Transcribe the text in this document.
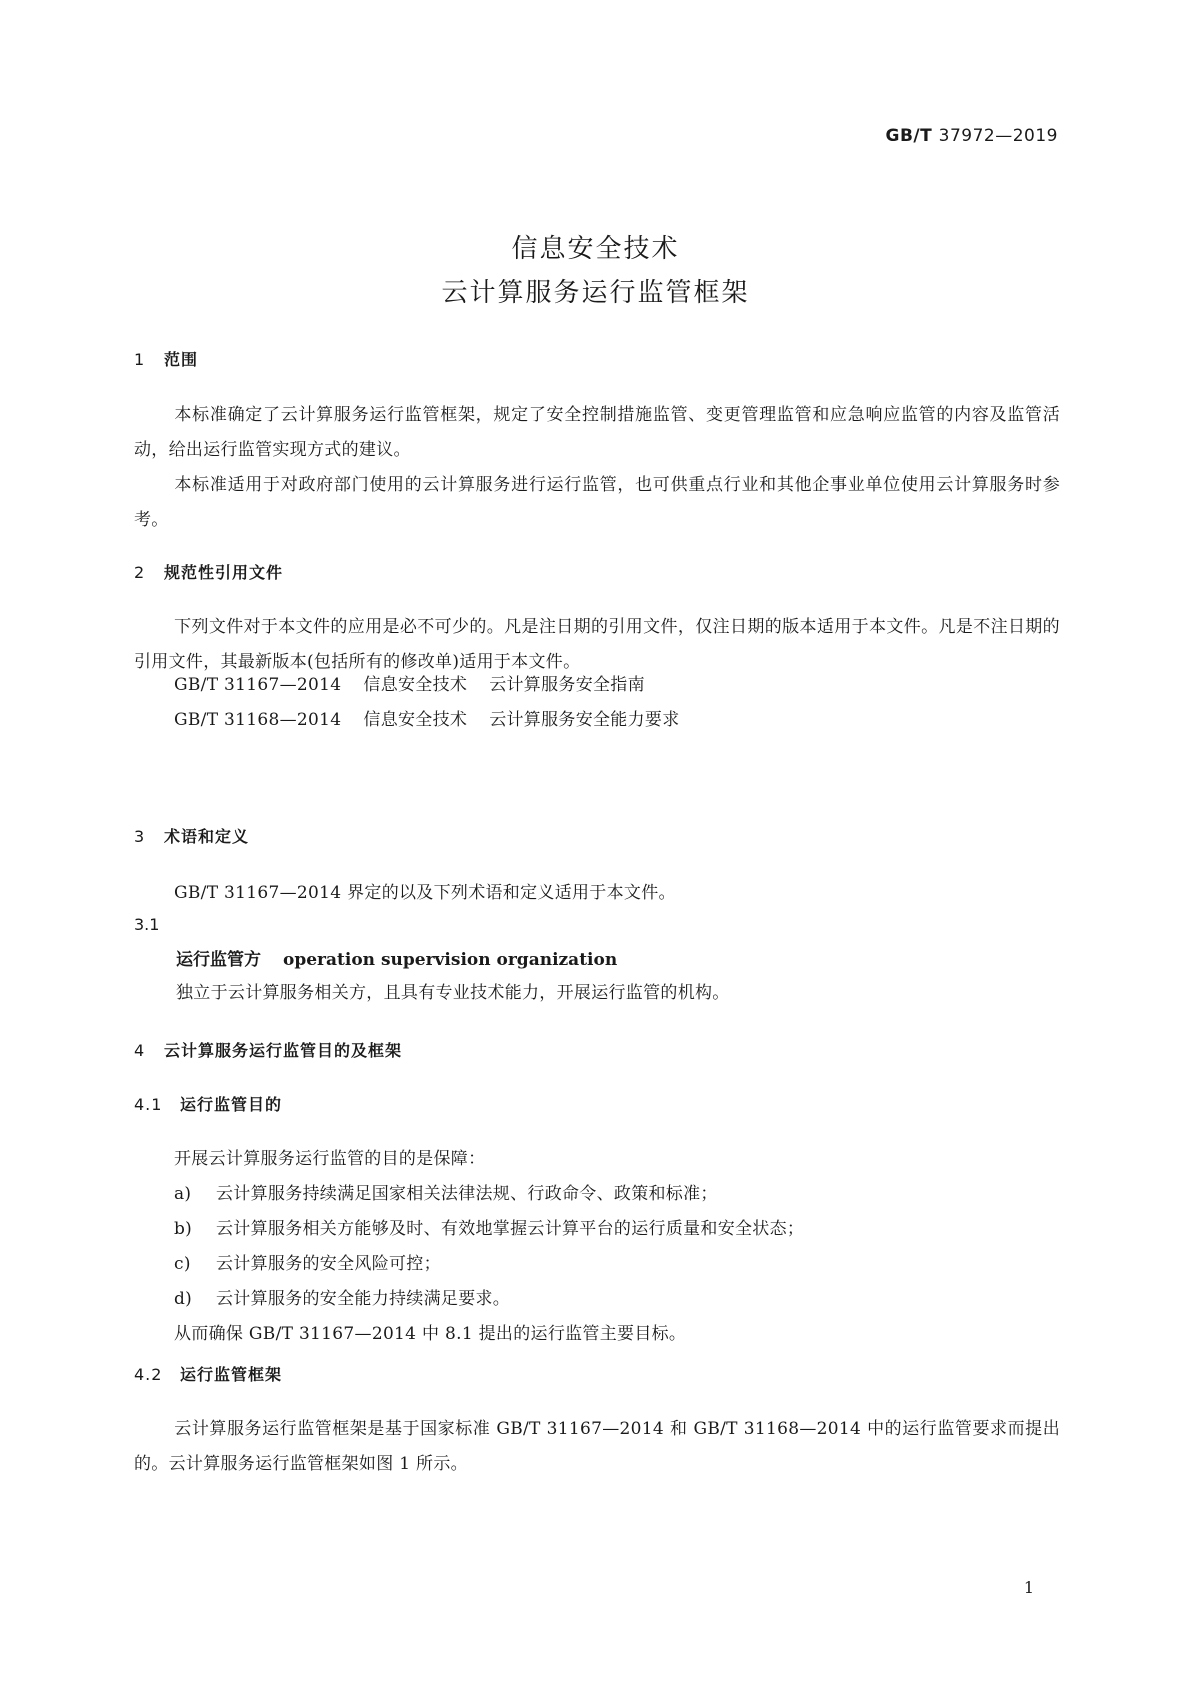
GB/T 37972—2019
信息安全技术
云计算服务运行监管框架
1 范围
本标准确定了云计算服务运行监管框架，规定了安全控制措施监管、变更管理监管和应急响应监管的内容及监管活动，给出运行监管实现方式的建议。
本标准适用于对政府部门使用的云计算服务进行运行监管，也可供重点行业和其他企事业单位使用云计算服务时参考。
2 规范性引用文件
下列文件对于本文件的应用是必不可少的。凡是注日期的引用文件，仅注日期的版本适用于本文件。凡是不注日期的引用文件，其最新版本(包括所有的修改单)适用于本文件。
GB/T 31167—2014 信息安全技术 云计算服务安全指南
GB/T 31168—2014 信息安全技术 云计算服务安全能力要求
3 术语和定义
GB/T 31167—2014 界定的以及下列术语和定义适用于本文件。
3.1
运行监管方 operation supervision organization
独立于云计算服务相关方，且具有专业技术能力，开展运行监管的机构。
4 云计算服务运行监管目的及框架
4.1 运行监管目的
开展云计算服务运行监管的目的是保障：
a) 云计算服务持续满足国家相关法律法规、行政命令、政策和标准；
b) 云计算服务相关方能够及时、有效地掌握云计算平台的运行质量和安全状态；
c) 云计算服务的安全风险可控；
d) 云计算服务的安全能力持续满足要求。
从而确保 GB/T 31167—2014 中 8.1 提出的运行监管主要目标。
4.2 运行监管框架
云计算服务运行监管框架是基于国家标准 GB/T 31167—2014 和 GB/T 31168—2014 中的运行监管要求而提出的。云计算服务运行监管框架如图 1 所示。
1
